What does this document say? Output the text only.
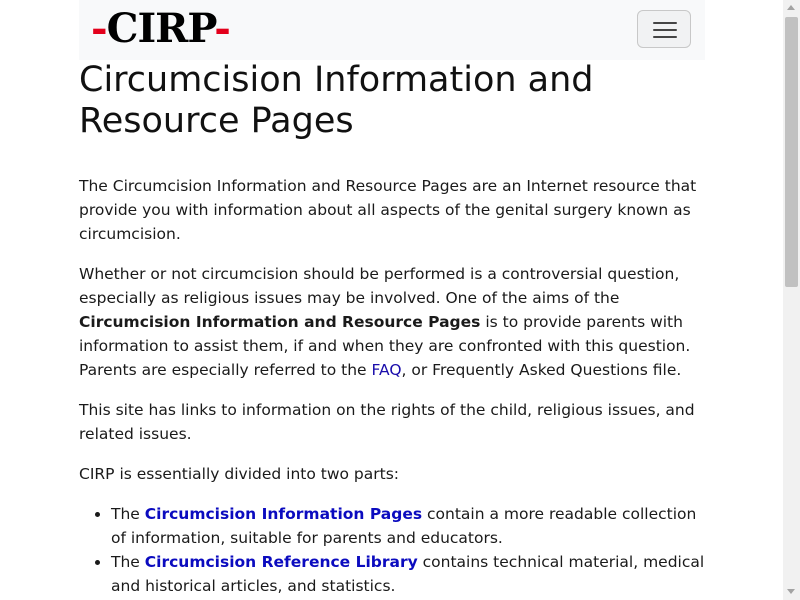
-CIRP-
Circumcision Information and Resource Pages

The Circumcision Information and Resource Pages are an Internet resource that provide you with information about all aspects of the genital surgery known as circumcision.

Whether or not circumcision should be performed is a controversial question, especially as religious issues may be involved. One of the aims of the Circumcision Information and Resource Pages is to provide parents with information to assist them, if and when they are confronted with this question. Parents are especially referred to the FAQ, or Frequently Asked Questions file.

This site has links to information on the rights of the child, religious issues, and related issues.

CIRP is essentially divided into two parts:

• The Circumcision Information Pages contain a more readable collection of information, suitable for parents and educators.
• The Circumcision Reference Library contains technical material, medical and historical articles, and statistics.
